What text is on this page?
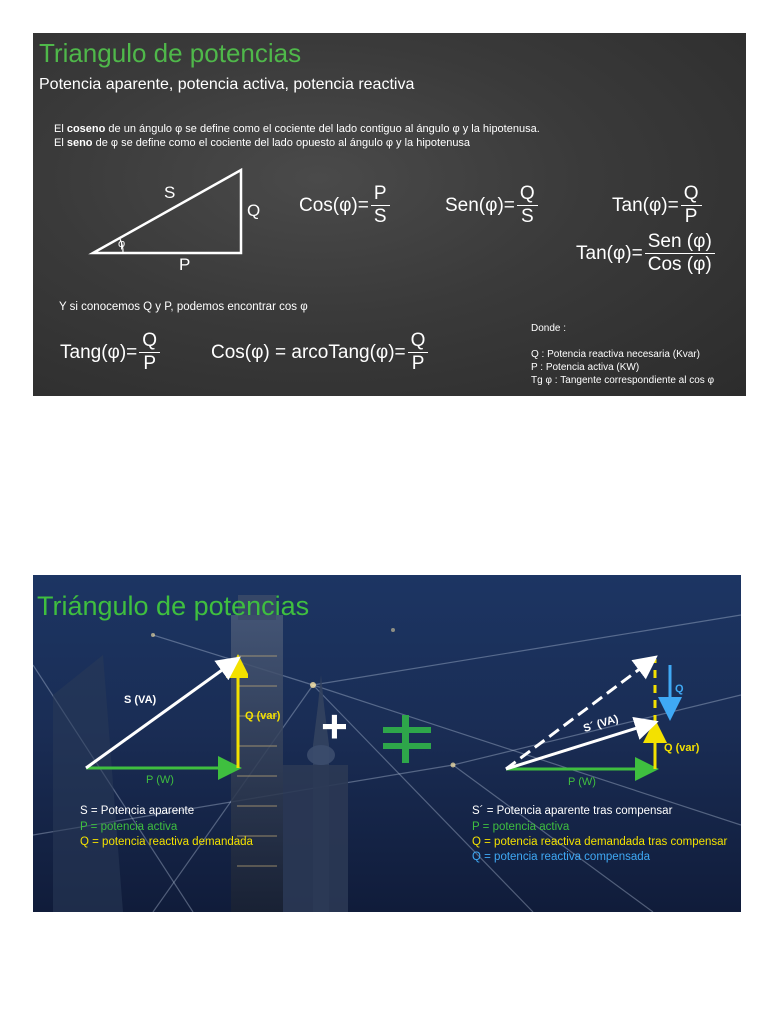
Triangulo de potencias
Potencia aparente, potencia activa, potencia reactiva
El coseno de un ángulo φ se define como el cociente del lado contiguo al ángulo φ y la hipotenusa.
El seno de φ se define como el cociente del lado opuesto al ángulo φ y la hipotenusa
S
Q
P
φ
$Cos(\varphi)= \frac{P}{S}$	$Sen(\varphi)= \frac{Q}{S}$	$Tan(\varphi)= \frac{Q}{P}$
$Tan(\varphi)= \frac{\text{Sen (φ)}}{\text{Cos (φ)}}$
Y si conocemos Q y P, podemos encontrar cos φ
Tang(φ)= $\frac{Q}{P}$	Cos(φ) = arcoTang(φ)= $\frac{Q}{P}$
Donde :
Q : Potencia reactiva necesaria (Kvar)
P : Potencia activa (KW)
Tg φ : Tangente correspondiente al cos φ
Triángulo de potencias
S (VA)
Q (var)
P (W)
+	S´ (VA)
Q (var)
Q
P (W)
S = Potencia aparente
P = potencia activa
Q = potencia reactiva demandada
S´ = Potencia aparente tras compensar
P = potencia activa
Q = potencia reactiva demandada tras compensar
Q = potencia reactiva compensada
